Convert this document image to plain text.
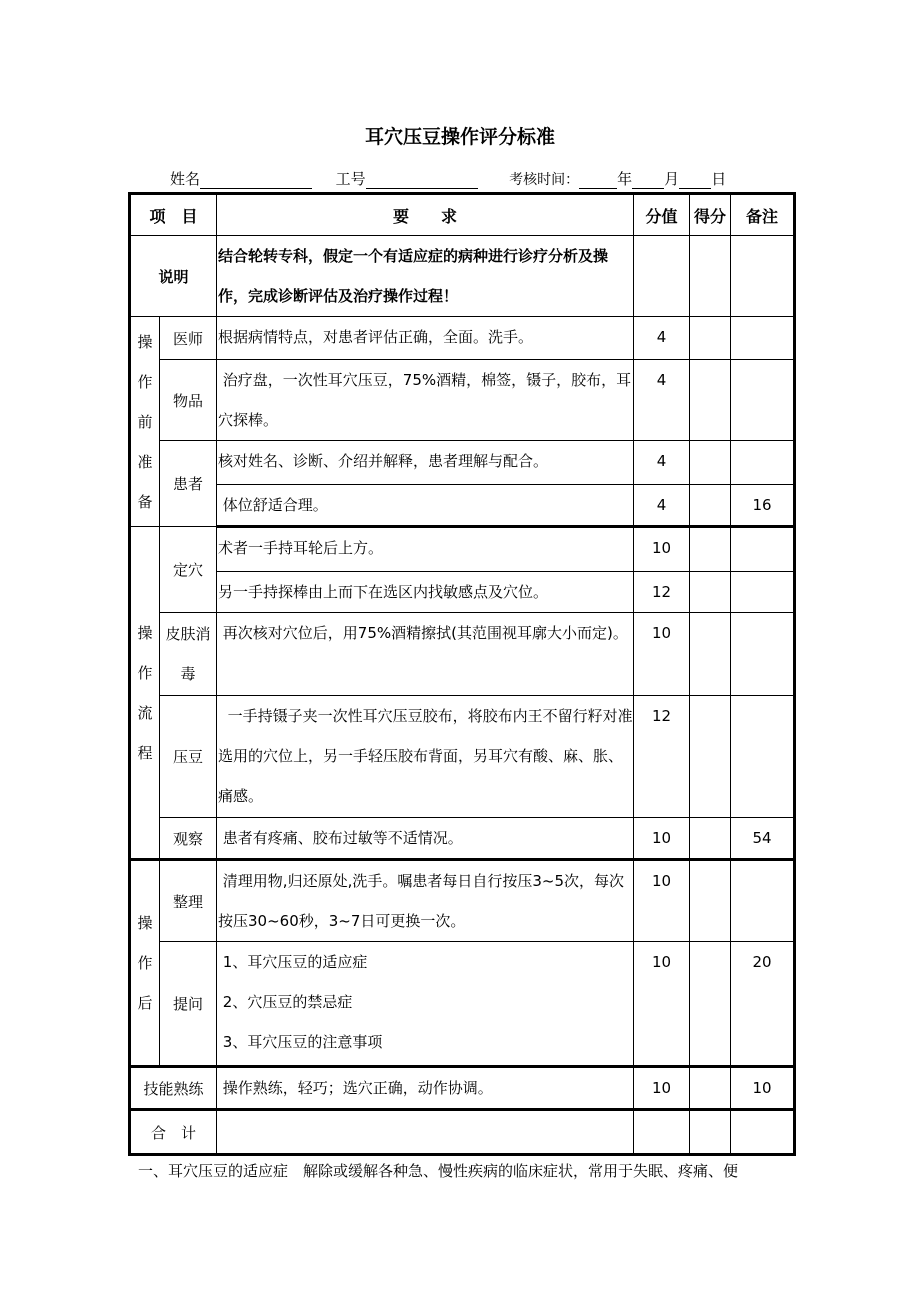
耳穴压豆操作评分标准
姓名	工号	考核时间：	年 月 日
项　目		要　　求	分值	得分	备注
说明		结合轮转专科，假定一个有适应症的病种进行诊疗分析及操作，完成诊断评估及治疗操作过程！			

操作前准备	医师	根据病情特点，对患者评估正确，全面。洗手。	4		
	物品	治疗盘，一次性耳穴压豆，75%酒精，棉签，镊子，胶布，耳穴探棒。	4		
	患者	核对姓名、诊断、介绍并解释，患者理解与配合。	4		
		体位舒适合理。	4		16

操作流程	定穴	术者一手持耳轮后上方。	10		
		另一手持探棒由上而下在选区内找敏感点及穴位。	12		
	皮肤消毒	再次核对穴位后，用75%酒精擦拭(其范围视耳廓大小而定)。	10		
	压豆	一手持镊子夹一次性耳穴压豆胶布，将胶布内王不留行籽对准选用的穴位上，另一手轻压胶布背面，另耳穴有酸、麻、胀、痛感。	12		
	观察	患者有疼痛、胶布过敏等不适情况。	10		54

操作后	整理	清理用物,归还原处,洗手。嘱患者每日自行按压3~5次，每次按压30~60秒，3~7日可更换一次。	10		
	提问	1、耳穴压豆的适应症
2、穴压豆的禁忌症
3、耳穴压豆的注意事项	10		20
技能熟练		操作熟练，轻巧；选穴正确，动作协调。	10		10
合　计					
一、耳穴压豆的适应症　解除或缓解各种急、慢性疾病的临床症状，常用于失眠、疼痛、便
